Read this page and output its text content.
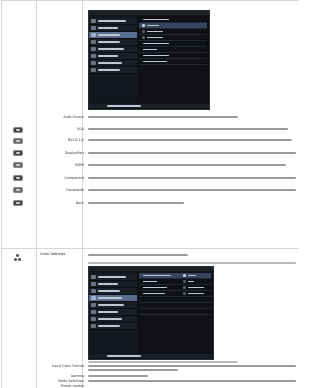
Auto Source
VGA
DVI-D 1/2
DisplayPort
HDMI
Component
Composite
Back
Color Settings
Input Color Format
Gamma
Mode Selection
Preset modes
